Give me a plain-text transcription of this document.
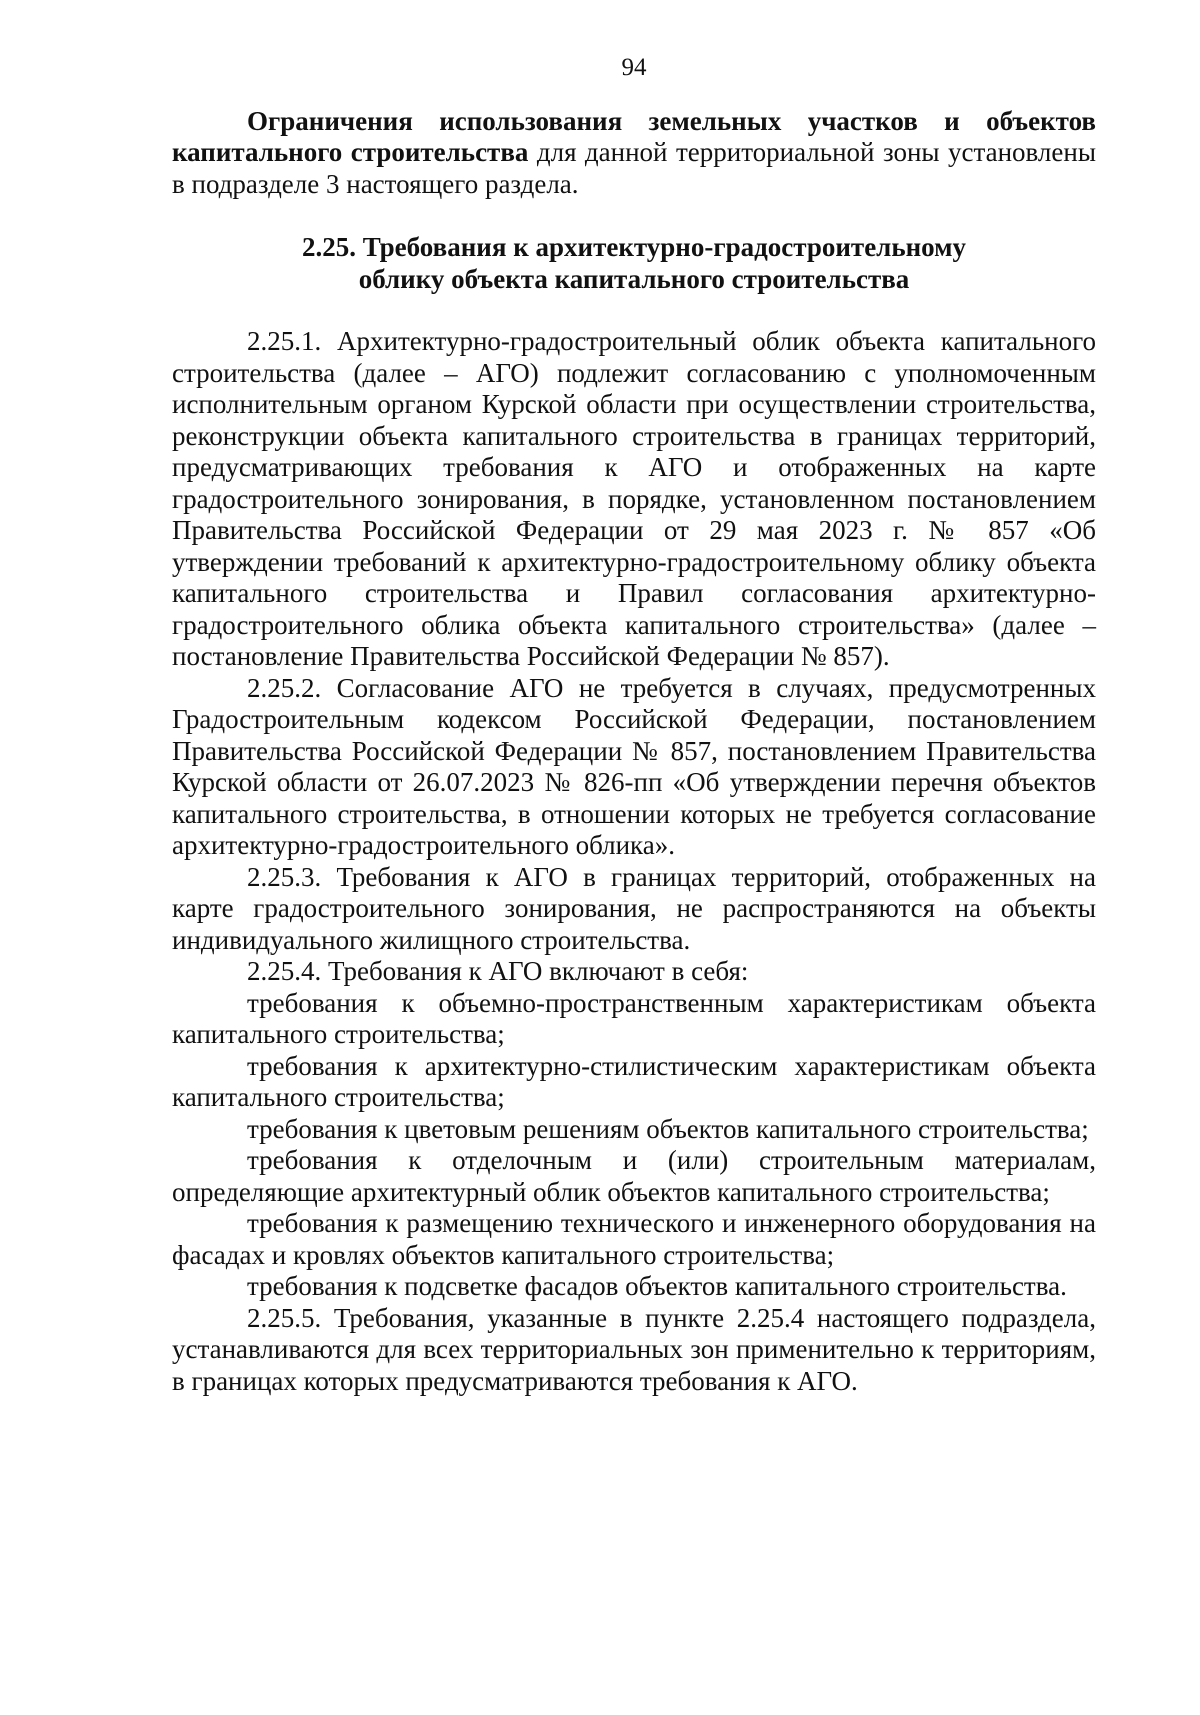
94

Ограничения использования земельных участков и объектов капитального строительства для данной территориальной зоны установлены в подразделе 3 настоящего раздела.

2.25. Требования к архитектурно-градостроительному
облику объекта капитального строительства

2.25.1. Архитектурно-градостроительный облик объекта капитального строительства (далее – АГО) подлежит согласованию с уполномоченным исполнительным органом Курской области при осуществлении строительства, реконструкции объекта капитального строительства в границах территорий, предусматривающих требования к АГО и отображенных на карте градостроительного зонирования, в порядке, установленном постановлением Правительства Российской Федерации от 29 мая 2023 г. № 857 «Об утверждении требований к архитектурно-градостроительному облику объекта капитального строительства и Правил согласования архитектурно-градостроительного облика объекта капитального строительства» (далее – постановление Правительства Российской Федерации № 857).

2.25.2. Согласование АГО не требуется в случаях, предусмотренных Градостроительным кодексом Российской Федерации, постановлением Правительства Российской Федерации № 857, постановлением Правительства Курской области от 26.07.2023 № 826-пп «Об утверждении перечня объектов капитального строительства, в отношении которых не требуется согласование архитектурно-градостроительного облика».

2.25.3. Требования к АГО в границах территорий, отображенных на карте градостроительного зонирования, не распространяются на объекты индивидуального жилищного строительства.

2.25.4. Требования к АГО включают в себя:

требования к объемно-пространственным характеристикам объекта капитального строительства;

требования к архитектурно-стилистическим характеристикам объекта капитального строительства;

требования к цветовым решениям объектов капитального строительства;

требования к отделочным и (или) строительным материалам, определяющие архитектурный облик объектов капитального строительства;

требования к размещению технического и инженерного оборудования на фасадах и кровлях объектов капитального строительства;

требования к подсветке фасадов объектов капитального строительства.

2.25.5. Требования, указанные в пункте 2.25.4 настоящего подраздела, устанавливаются для всех территориальных зон применительно к территориям, в границах которых предусматриваются требования к АГО.
